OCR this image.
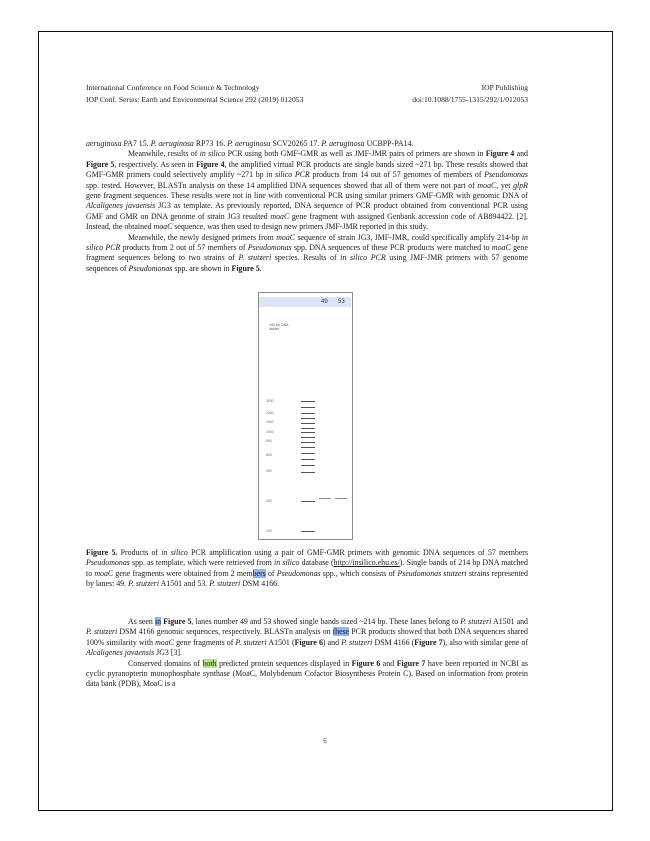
International Conference on Food Science & Technology	IOP Publishing
IOP Conf. Series: Earth and Environmental Science 292 (2019) 012053	doi:10.1088/1755-1315/292/1/012053

aeruginosa PA7 15. P. aeruginosa RP73 16. P. aeruginosa SCV20265 17. P. aeruginosa UCBPP-PA14.

Meanwhile, results of in silico PCR using both GMF-GMR as well as JMF-JMR pairs of primers are shown in Figure 4 and Figure 5, respectively. As seen in Figure 4, the amplified virtual PCR products are single bands sized ~271 bp. These results showed that GMF-GMR primers could selectively amplify ~271 bp in silico PCR products from 14 out of 57 genomes of members of Pseudomonas spp. tested. However, BLASTn analysis on these 14 amplified DNA sequences showed that all of them were not part of moaC, yet glpR gene fragment sequences. These results were not in line with conventional PCR using similar primers GMF-GMR with genomic DNA of Alcaligenes javaensis JG3 as template. As previously reported, DNA sequence of PCR product obtained from conventional PCR using GMF and GMR on DNA genome of strain JG3 resulted moaC gene fragment with assigned Genbank accession code of AB894422. [2]. Instead, the obtained moaC sequence, was then used to design new primers JMF-JMR reported in this study.

Meanwhile, the newly designed primers from moaC sequence of strain JG3, JMF-JMR, could specifically amplify 214-bp in silico PCR products from 2 out of 57 members of Pseudomonas spp. DNA sequences of these PCR products were matched to moaC gene fragment sequences belong to two strains of P. stutzeri species. Results of in silico PCR using JMF-JMR primers with 57 genome sequences of Pseudomonas spp. are shown in Figure 5.

49 53
100 bp DNA ladder
3000
2000
1500
1000
800
600
400
200
100
Figure 5. Products of in silico PCR amplification using a pair of GMF-GMR primers with genomic DNA sequences of 57 members Pseudomonas spp. as template, which were retrieved from in silico database (http://insilico.ehu.es/). Single bands of 214 bp DNA matched to moaC gene fragments were obtained from 2 members of Pseudomonas spp., which consists of Pseudomonas stutzeri strains represented by lanes: 49. P. stutzeri A1501 and 53. P. stutzeri DSM 4166.

As seen in Figure 5, lanes number 49 and 53 showed single bands sized ~214 bp. These lanes belong to P. stutzeri A1501 and P. stutzeri DSM 4166 genomic sequences, respectively. BLASTn analysis on these PCR products showed that both DNA sequences shared 100% similarity with moaC gene fragments of P. stutzeri A1501 (Figure 6) and P. stutzeri DSM 4166 (Figure 7), also with similar gene of Alcaligenes javaensis JG3 [3].

Conserved domains of both predicted protein sequences displayed in Figure 6 and Figure 7 have been reported in NCBI as cyclic pyranopterin monophosphate synthase (MoaC, Molybdenum Cofactor Biosynthesis Protein C). Based on information from protein data bank (PDB), MoaC is a

6
